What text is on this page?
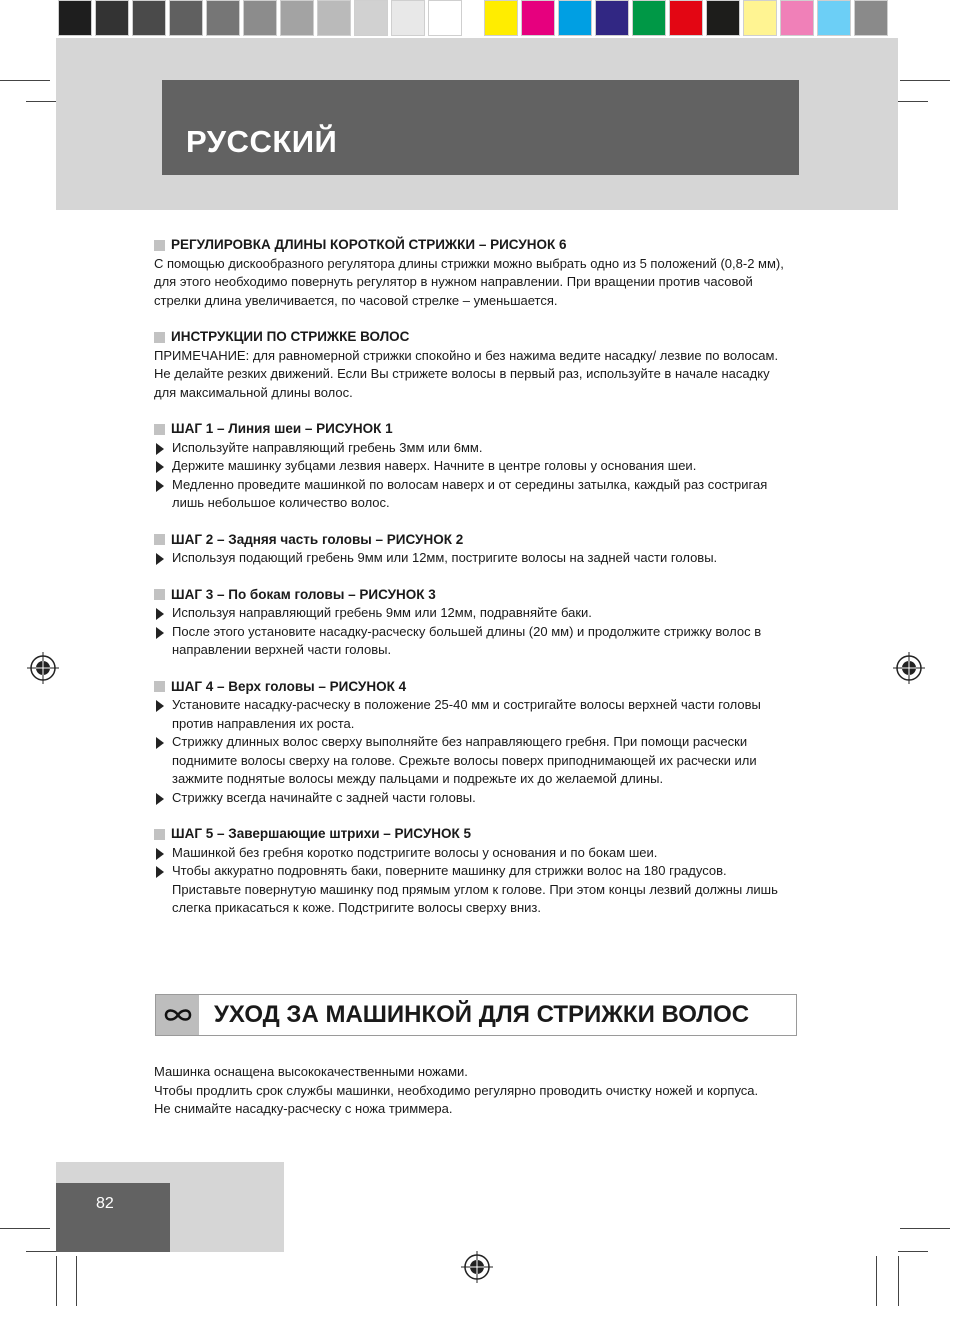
РУССКИЙ
РЕГУЛИРОВКА ДЛИНЫ КОРОТКОЙ СТРИЖКИ – РИСУНОК 6

С помощью дискообразного регулятора длины стрижки можно выбрать одно из 5 положений (0,8-2 мм), для этого необходимо повернуть регулятор в нужном направлении. При вращении против часовой стрелки длина увеличивается, по часовой стрелке – уменьшается.

ИНСТРУКЦИИ ПО СТРИЖКЕ ВОЛОС

ПРИМЕЧАНИЕ: для равномерной стрижки спокойно и без нажима ведите насадку/ лезвие по волосам. Не делайте резких движений. Если Вы стрижете волосы в первый раз, используйте в начале насадку для максимальной длины волос.

ШАГ 1 – Линия шеи – РИСУНОК 1
Используйте направляющий гребень 3мм или 6мм.
Держите машинку зубцами лезвия наверх. Начните в центре головы у основания шеи.
Медленно проведите машинкой по волосам наверх и от середины затылка, каждый раз состригая лишь небольшое количество волос.
ШАГ 2 – Задняя часть головы – РИСУНОК 2
Используя подающий гребень 9мм или 12мм, постригите волосы на задней части головы.
ШАГ 3 – По бокам головы – РИСУНОК 3
Используя направляющий гребень 9мм или 12мм, подравняйте баки.
После этого установите насадку-расческу большей длины (20 мм) и продолжите стрижку волос в направлении верхней части головы.
ШАГ 4 – Верх головы – РИСУНОК 4
Установите насадку-расческу в положение 25-40 мм и состригайте волосы верхней части головы против направления их роста.
Стрижку длинных волос сверху выполняйте без направляющего гребня. При помощи расчески поднимите волосы сверху на голове. Срежьте волосы поверх приподнимающей их расчески или зажмите поднятые волосы между пальцами и подрежьте их до желаемой длины.
Стрижку всегда начинайте с задней части головы.
ШАГ 5 – Завершающие штрихи – РИСУНОК 5
Машинкой без гребня коротко подстригите волосы у основания и по бокам шеи.
Чтобы аккуратно подровнять баки, поверните машинку для стрижки волос на 180 градусов. Приставьте повернутую машинку под прямым углом к голове. При этом концы лезвий должны лишь слегка прикасаться к коже. Подстригите волосы сверху вниз.
УХОД ЗА МАШИНКОЙ ДЛЯ СТРИЖКИ ВОЛОС

Машинка оснащена высококачественными ножами.

Чтобы продлить срок службы машинки, необходимо регулярно проводить очистку ножей и корпуса.

Не снимайте насадку-расческу с ножа триммера.

82
